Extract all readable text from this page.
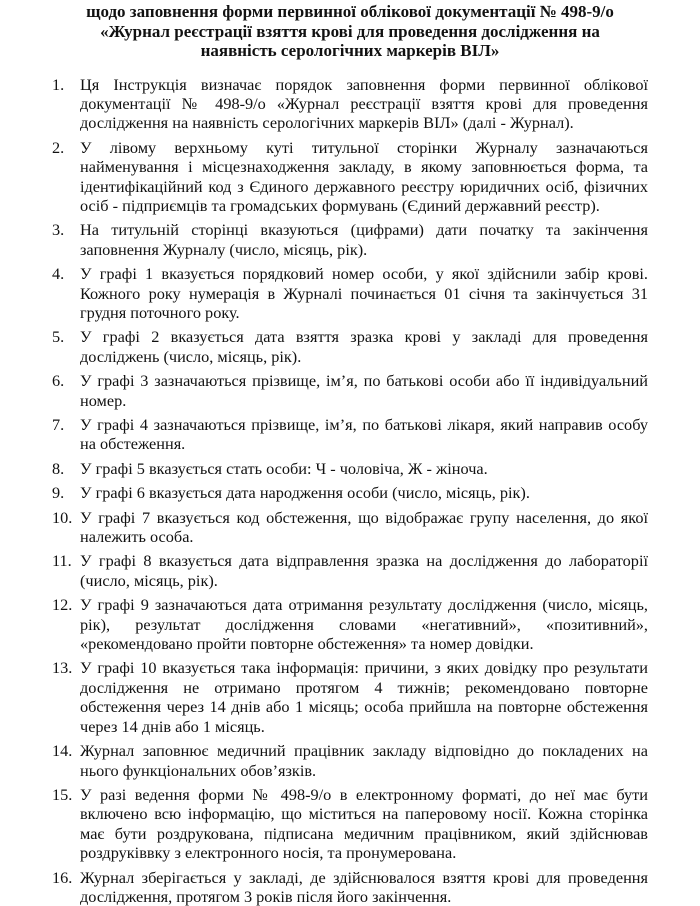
щодо заповнення форми первинної облікової документації № 498-9/о «Журнал реєстрації взяття крові для проведення дослідження на наявність серологічних маркерів ВІЛ»
1. Ця Інструкція визначає порядок заповнення форми первинної облікової документації № 498-9/о «Журнал реєстрації взяття крові для проведення дослідження на наявність серологічних маркерів ВІЛ» (далі - Журнал).
2. У лівому верхньому куті титульної сторінки Журналу зазначаються найменування і місцезнаходження закладу, в якому заповнюється форма, та ідентифікаційний код з Єдиного державного реєстру юридичних осіб, фізичних осіб - підприємців та громадських формувань (Єдиний державний реєстр).
3. На титульній сторінці вказуються (цифрами) дати початку та закінчення заповнення Журналу (число, місяць, рік).
4. У графі 1 вказується порядковий номер особи, у якої здійснили забір крові. Кожного року нумерація в Журналі починається 01 січня та закінчується 31 грудня поточного року.
5. У графі 2 вказується дата взяття зразка крові у закладі для проведення досліджень (число, місяць, рік).
6. У графі 3 зазначаються прізвище, ім’я, по батькові особи або її індивідуальний номер.
7. У графі 4 зазначаються прізвище, ім’я, по батькові лікаря, який направив особу на обстеження.
8. У графі 5 вказується стать особи: Ч - чоловіча, Ж - жіноча.
9. У графі 6 вказується дата народження особи (число, місяць, рік).
10. У графі 7 вказується код обстеження, що відображає групу населення, до якої належить особа.
11. У графі 8 вказується дата відправлення зразка на дослідження до лабораторії (число, місяць, рік).
12. У графі 9 зазначаються дата отримання результату дослідження (число, місяць, рік), результат дослідження словами «негативний», «позитивний», «рекомендовано пройти повторне обстеження» та номер довідки.
13. У графі 10 вказується така інформація: причини, з яких довідку про результати дослідження не отримано протягом 4 тижнів; рекомендовано повторне обстеження через 14 днів або 1 місяць; особа прийшла на повторне обстеження через 14 днів або 1 місяць.
14. Журнал заповнює медичний працівник закладу відповідно до покладених на нього функціональних обов’язків.
15. У разі ведення форми № 498-9/о в електронному форматі, до неї має бути включено всю інформацію, що міститься на паперовому носії. Кожна сторінка має бути роздрукована, підписана медичним працівником, який здійснював роздруківвку з електронного носія, та пронумерована.
16. Журнал зберігається у закладі, де здійснювалося взяття крові для проведення дослідження, протягом 3 років після його закінчення.
